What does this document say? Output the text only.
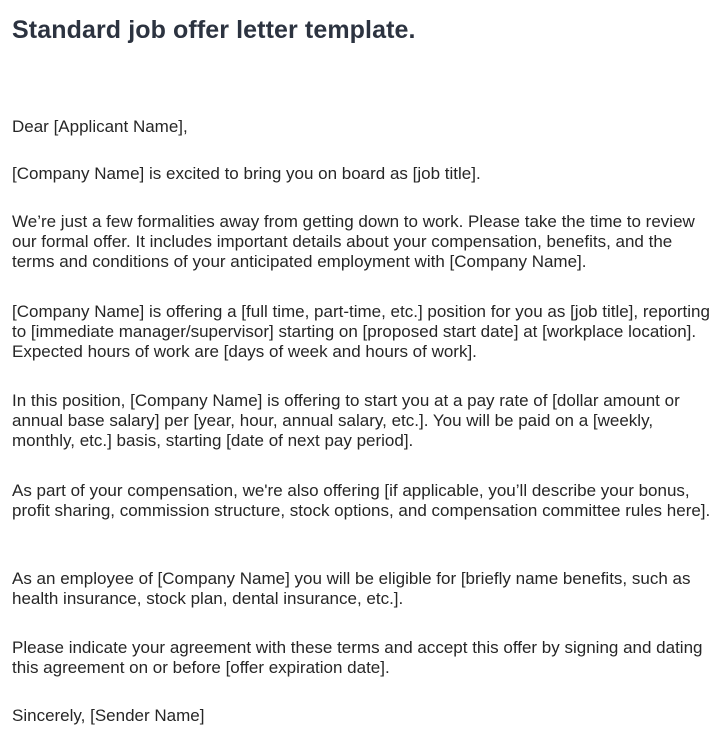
Standard job offer letter template.

Dear [Applicant Name],

[Company Name] is excited to bring you on board as [job title].

We’re just a few formalities away from getting down to work. Please take the time to review our formal offer. It includes important details about your compensation, benefits, and the terms and conditions of your anticipated employment with [Company Name].

[Company Name] is offering a [full time, part-time, etc.] position for you as [job title], reporting to [immediate manager/supervisor] starting on [proposed start date] at [workplace location]. Expected hours of work are [days of week and hours of work].

In this position, [Company Name] is offering to start you at a pay rate of [dollar amount or annual base salary] per [year, hour, annual salary, etc.]. You will be paid on a [weekly, monthly, etc.] basis, starting [date of next pay period].

As part of your compensation, we're also offering [if applicable, you’ll describe your bonus, profit sharing, commission structure, stock options, and compensation committee rules here].

As an employee of [Company Name] you will be eligible for [briefly name benefits, such as health insurance, stock plan, dental insurance, etc.].

Please indicate your agreement with these terms and accept this offer by signing and dating this agreement on or before [offer expiration date].

Sincerely, [Sender Name]
